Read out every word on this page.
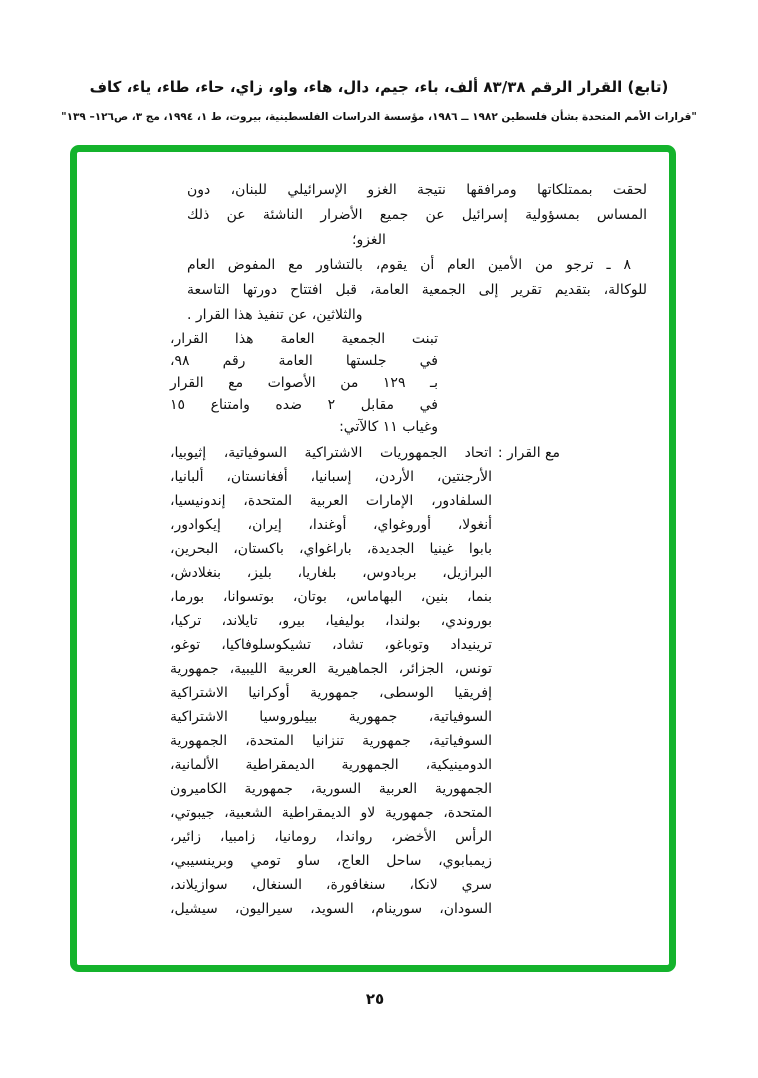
(تابع) القرار الرقم ٨٣/٣٨ ألف، باء، جيم، دال، هاء، واو، زاي، حاء، طاء، ياء، كاف
"قرارات الأمم المتحدة بشأن فلسطين ١٩٨٢ ــ ١٩٨٦، مؤسسة الدراسات الفلسطينية، بيروت، ط ١، ١٩٩٤، مج ٣، ص١٢٦– ١٣٩"
لحقت بممتلكاتها ومرافقها نتيجة الغزو الإسرائيلي للبنان، دون
المساس بمسؤولية إسرائيل عن جميع الأضرار الناشئة عن ذلك
الغزو؛
٨ ـ ترجو من الأمين العام أن يقوم، بالتشاور مع المفوض العام
للوكالة، بتقديم تقرير إلى الجمعية العامة، قبل افتتاح دورتها التاسعة
والثلاثين، عن تنفيذ هذا القرار .
تبنت الجمعية العامة هذا القرار،
في جلستها العامة رقم ٩٨،
بـ ١٢٩ من الأصوات مع القرار
في مقابل ٢ ضده وامتناع ١٥
وغياب ١١ كالآتي:
مع القرار :
اتحاد الجمهوريات الاشتراكية السوفياتية، إثيوبيا،
الأرجنتين، الأردن، إسبانيا، أفغانستان، ألبانيا،
السلفادور، الإمارات العربية المتحدة، إندونيسيا،
أنغولا، أوروغواي، أوغندا، إيران، إيكوادور،
بابوا غينيا الجديدة، باراغواي، باكستان، البحرين،
البرازيل، بربادوس، بلغاريا، بليز، بنغلادش،
بنما، بنين، البهاماس، بوتان، بوتسوانا، بورما،
بوروندي، بولندا، بوليفيا، بيرو، تايلاند، تركيا،
ترينيداد وتوباغو، تشاد، تشيكوسلوفاكيا، توغو،
تونس، الجزائر، الجماهيرية العربية الليبية، جمهورية
إفريقيا الوسطى، جمهورية أوكرانيا الاشتراكية
السوفياتية، جمهورية بييلوروسيا الاشتراكية
السوفياتية، جمهورية تنزانيا المتحدة، الجمهورية
الدومينيكية، الجمهورية الديمقراطية الألمانية،
الجمهورية العربية السورية، جمهورية الكاميرون
المتحدة، جمهورية لاو الديمقراطية الشعبية، جيبوتي،
الرأس الأخضر، رواندا، رومانيا، زامبيا، زائير،
زيمبابوي، ساحل العاج، ساو تومي وبرينسيبي،
سري لانكا، سنغافورة، السنغال، سوازيلاند،
السودان، سورينام، السويد، سيراليون، سيشيل،
٢٥
